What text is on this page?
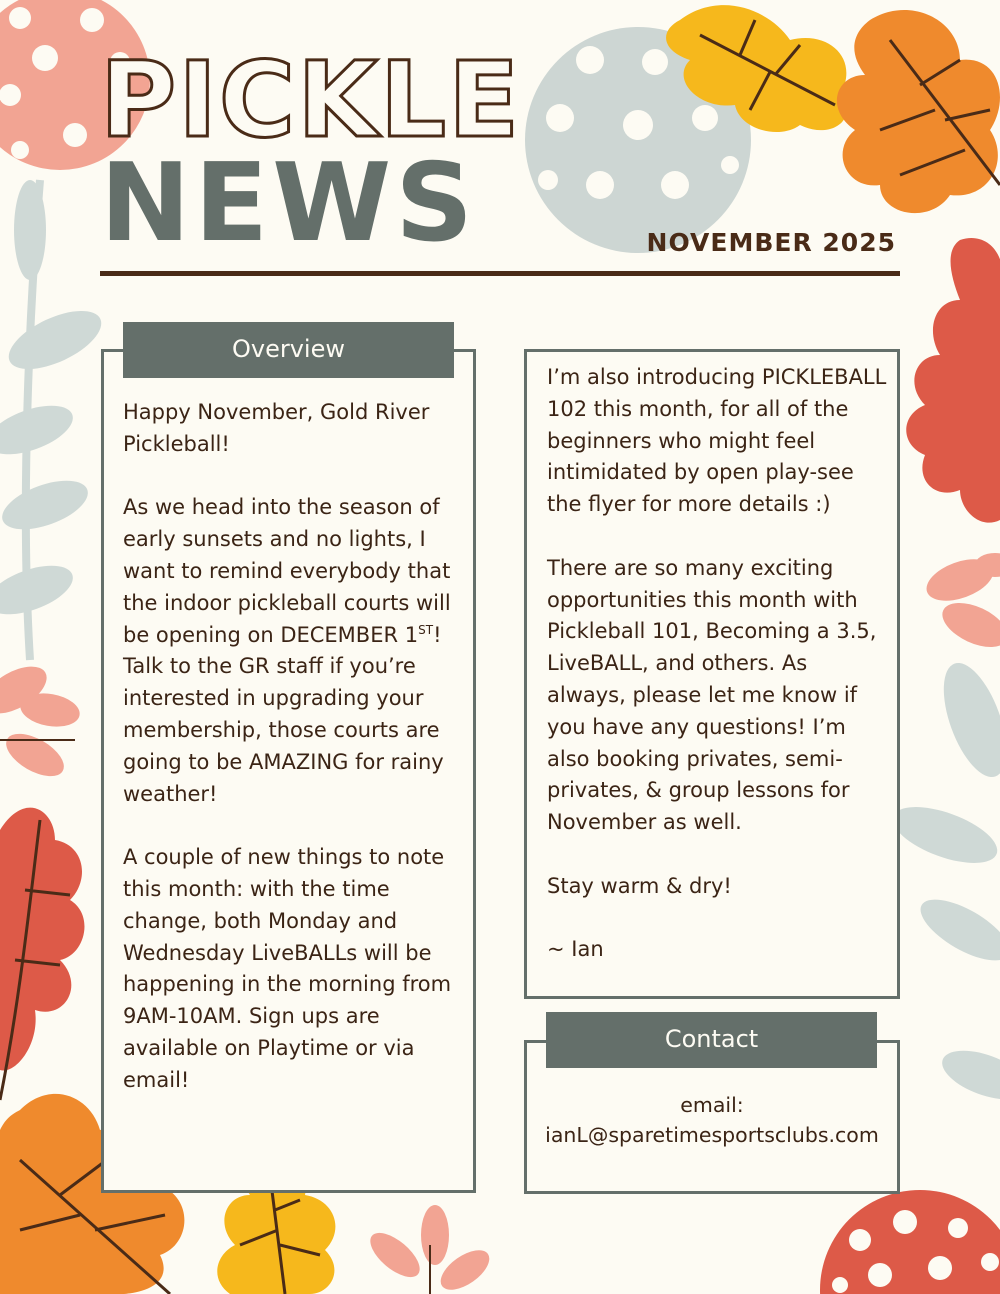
PICKLE
NEWS	NOVEMBER 2025
Overview
Happy November, Gold River Pickleball!

As we head into the season of early sunsets and no lights, I want to remind everybody that the indoor pickleball courts will be opening on DECEMBER 1ST! Talk to the GR staff if you’re interested in upgrading your membership, those courts are going to be AMAZING for rainy weather!

A couple of new things to note this month: with the time change, both Monday and Wednesday LiveBALLs will be happening in the morning from 9AM-10AM. Sign ups are available on Playtime or via email!
I’m also introducing PICKLEBALL 102 this month, for all of the beginners who might feel intimidated by open play-see the flyer for more details :)

There are so many exciting opportunities this month with Pickleball 101, Becoming a 3.5, LiveBALL, and others. As always, please let me know if you have any questions! I’m also booking privates, semi-privates, & group lessons for November as well.

Stay warm & dry!

~ Ian
Contact
email:
ianL@sparetimesportsclubs.com
